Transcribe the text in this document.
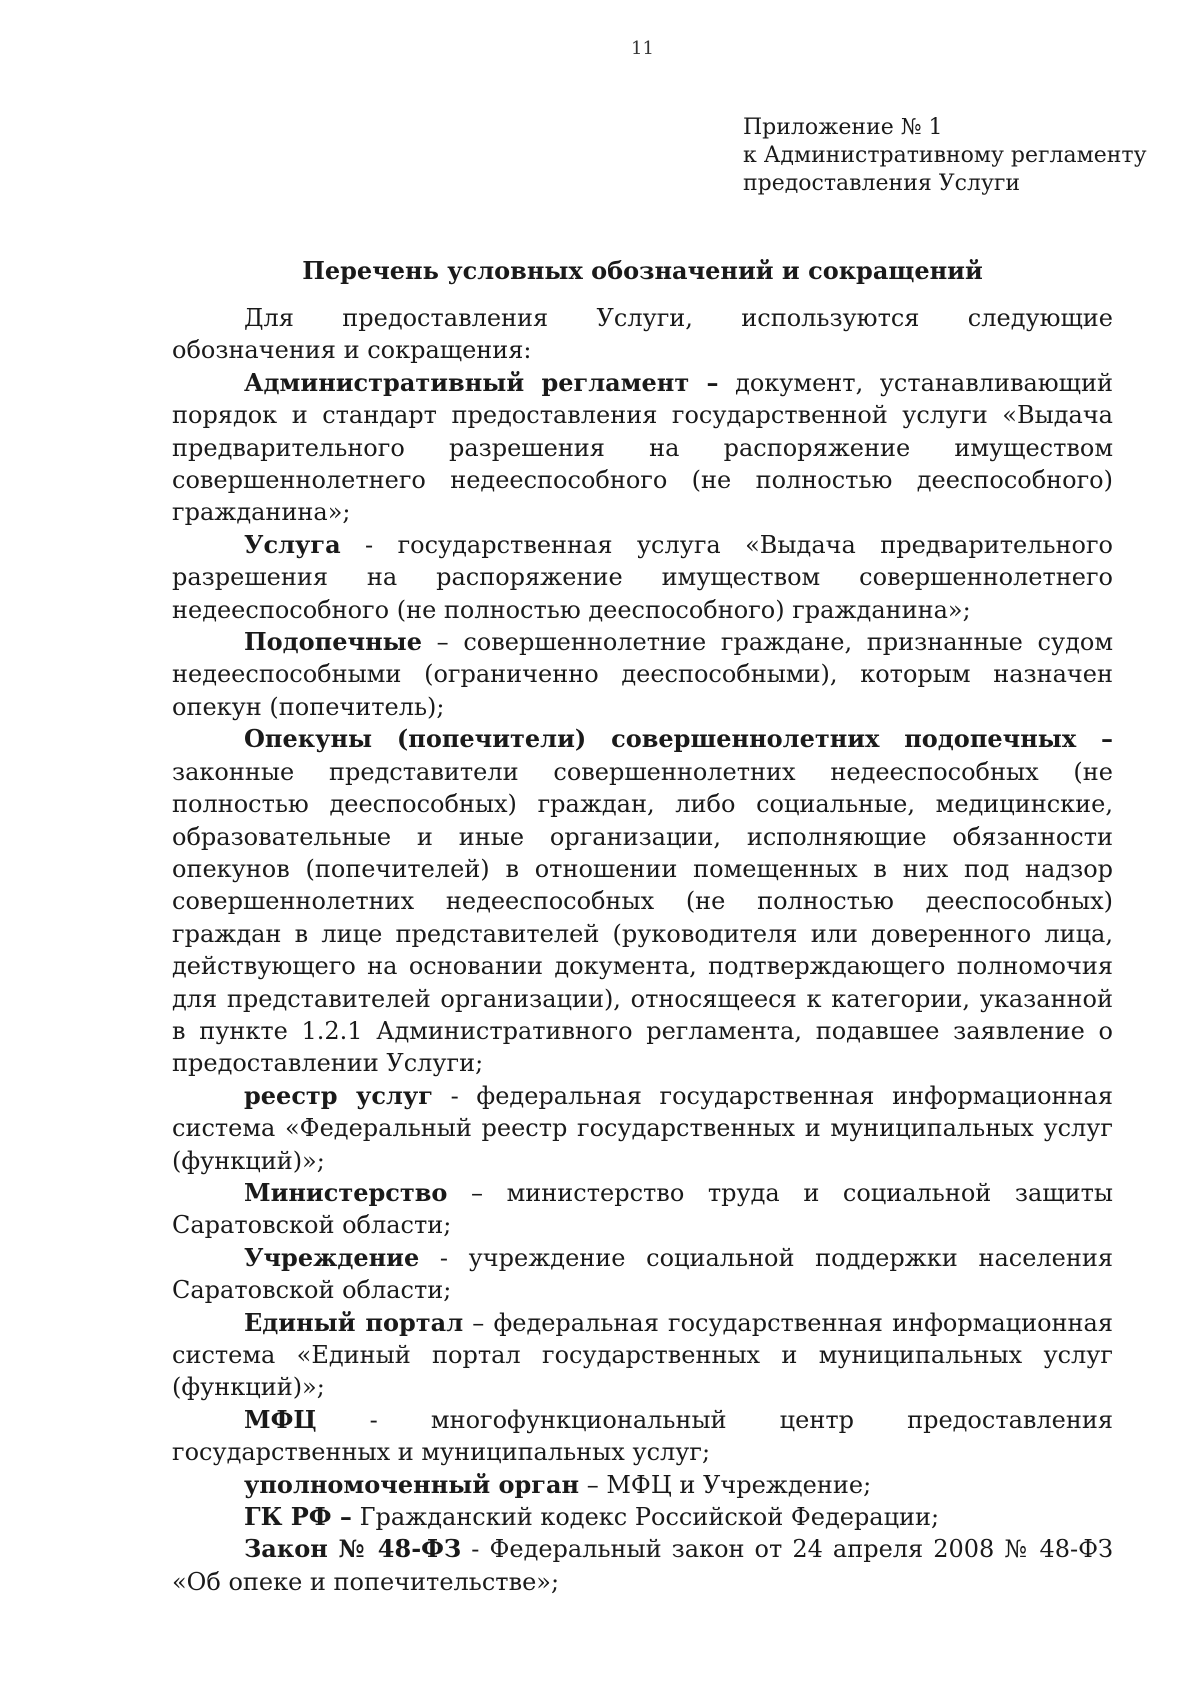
11
Приложение № 1
к Административному регламенту
предоставления Услуги
Перечень условных обозначений и сокращений

Для предоставления Услуги, используются следующие обозначения и сокращения:

Административный регламент – документ, устанавливающий порядок и стандарт предоставления государственной услуги «Выдача предварительного разрешения на распоряжение имуществом совершеннолетнего недееспособного (не полностью дееспособного) гражданина»;

Услуга - государственная услуга «Выдача предварительного разрешения на распоряжение имуществом совершеннолетнего недееспособного (не полностью дееспособного) гражданина»;

Подопечные – совершеннолетние граждане, признанные судом недееспособными (ограниченно дееспособными), которым назначен опекун (попечитель);

Опекуны (попечители) совершеннолетних подопечных – законные представители совершеннолетних недееспособных (не полностью дееспособных) граждан, либо социальные, медицинские, образовательные и иные организации, исполняющие обязанности опекунов (попечителей) в отношении помещенных в них под надзор совершеннолетних недееспособных (не полностью дееспособных) граждан в лице представителей (руководителя или доверенного лица, действующего на основании документа, подтверждающего полномочия для представителей организации), относящееся к категории, указанной в пункте 1.2.1 Административного регламента, подавшее заявление о предоставлении Услуги;

реестр услуг - федеральная государственная информационная система «Федеральный реестр государственных и муниципальных услуг (функций)»;

Министерство – министерство труда и социальной защиты Саратовской области;

Учреждение - учреждение социальной поддержки населения Саратовской области;

Единый портал – федеральная государственная информационная система «Единый портал государственных и муниципальных услуг (функций)»;

МФЦ - многофункциональный центр предоставления государственных и муниципальных услуг;

уполномоченный орган – МФЦ и Учреждение;

ГК РФ – Гражданский кодекс Российской Федерации;

Закон № 48-ФЗ - Федеральный закон от 24 апреля 2008 № 48-ФЗ «Об опеке и попечительстве»;
